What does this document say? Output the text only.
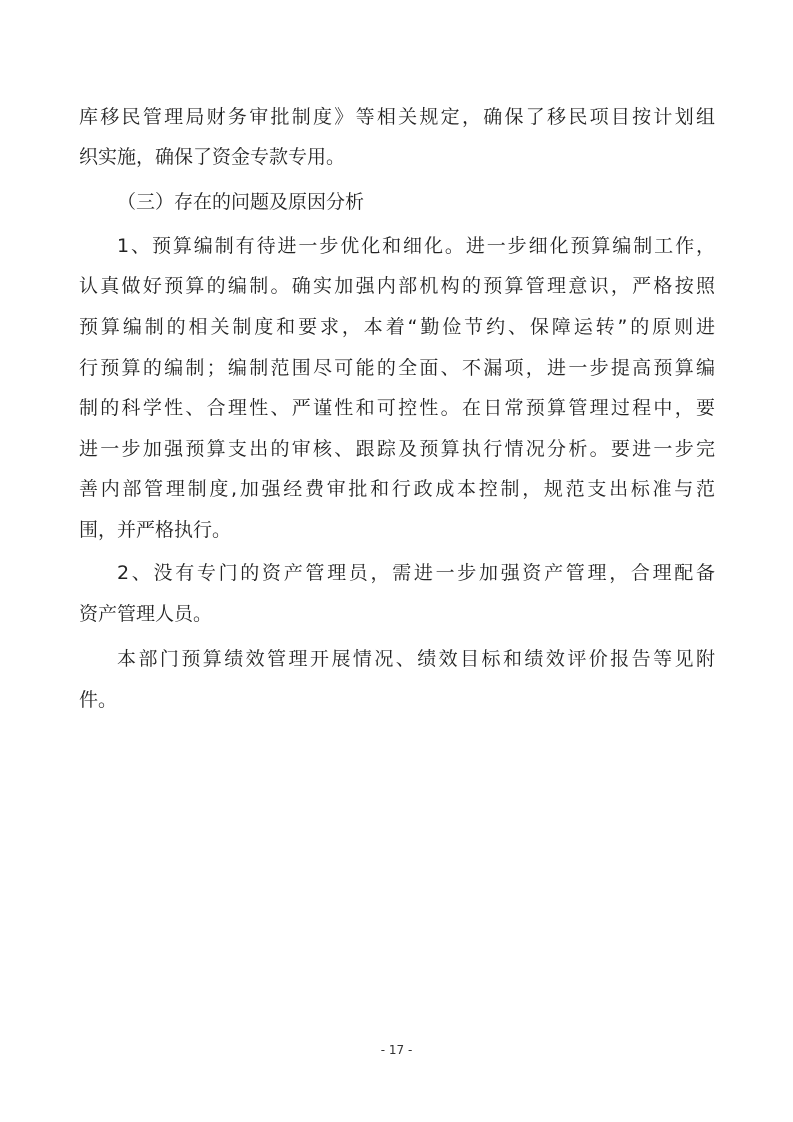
库移民管理局财务审批制度》等相关规定，确保了移民项目按计划组

织实施，确保了资金专款专用。

（三）存在的问题及原因分析

1、预算编制有待进一步优化和细化。进一步细化预算编制工作，

认真做好预算的编制。确实加强内部机构的预算管理意识，严格按照

预算编制的相关制度和要求，本着“勤俭节约、保障运转”的原则进

行预算的编制；编制范围尽可能的全面、不漏项，进一步提高预算编

制的科学性、合理性、严谨性和可控性。在日常预算管理过程中，要

进一步加强预算支出的审核、跟踪及预算执行情况分析。要进一步完

善内部管理制度,加强经费审批和行政成本控制，规范支出标准与范

围，并严格执行。

2、没有专门的资产管理员，需进一步加强资产管理，合理配备

资产管理人员。

本部门预算绩效管理开展情况、绩效目标和绩效评价报告等见附

件。

- 17 -
